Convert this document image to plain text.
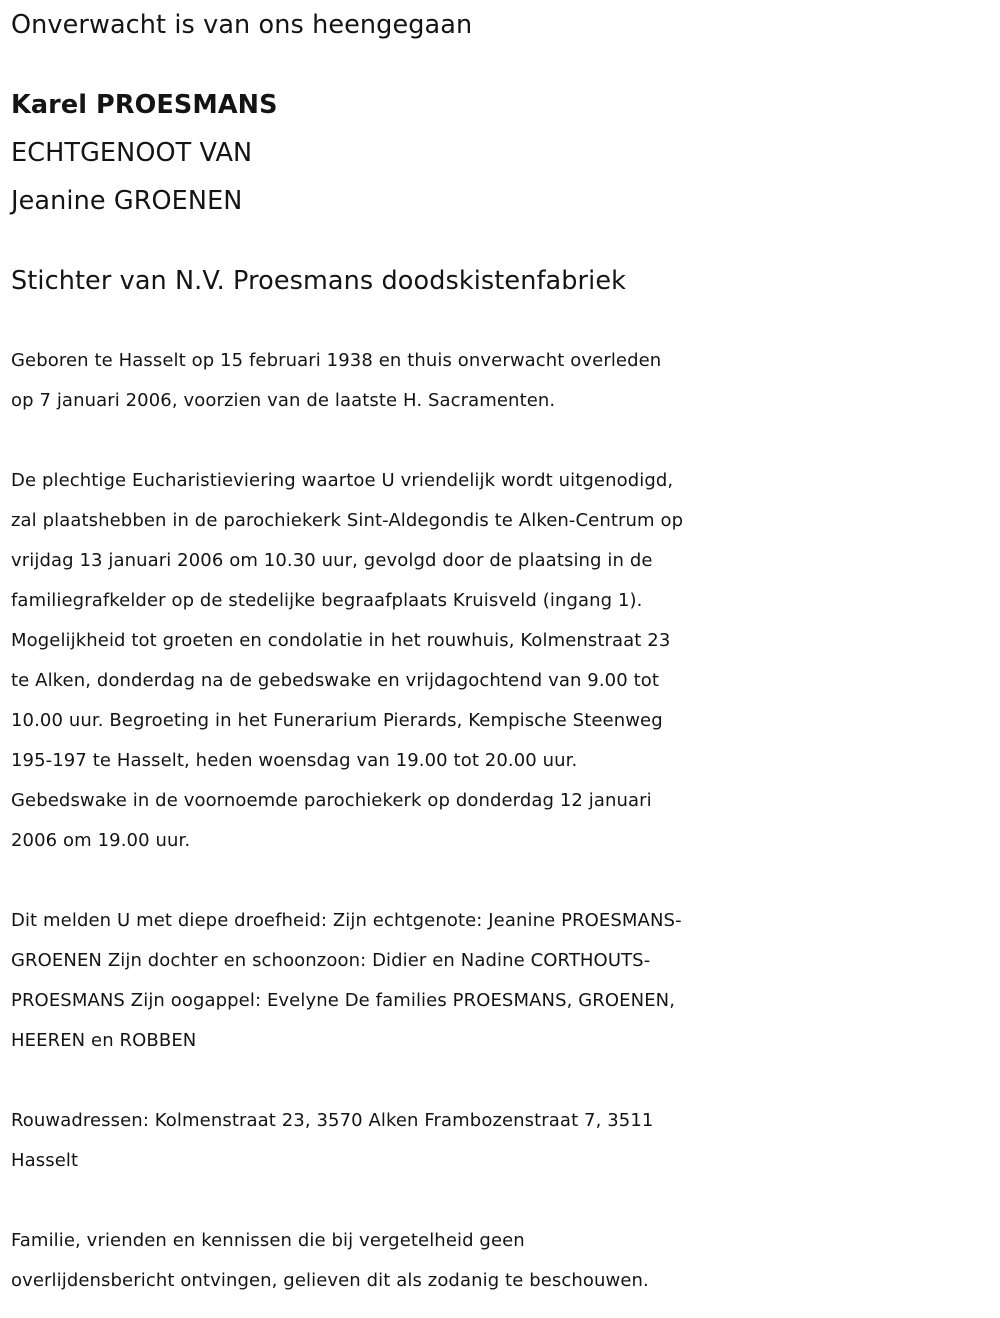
Onverwacht is van ons heengegaan
Karel PROESMANS
ECHTGENOOT VAN
Jeanine GROENEN
Stichter van N.V. Proesmans doodskistenfabriek
Geboren te Hasselt op 15 februari 1938 en thuis onverwacht overleden
op 7 januari 2006, voorzien van de laatste H. Sacramenten.
De plechtige Eucharistieviering waartoe U vriendelijk wordt uitgenodigd,
zal plaatshebben in de parochiekerk Sint-Aldegondis te Alken-Centrum op
vrijdag 13 januari 2006 om 10.30 uur, gevolgd door de plaatsing in de
familiegrafkelder op de stedelijke begraafplaats Kruisveld (ingang 1).
Mogelijkheid tot groeten en condolatie in het rouwhuis, Kolmenstraat 23
te Alken, donderdag na de gebedswake en vrijdagochtend van 9.00 tot
10.00 uur. Begroeting in het Funerarium Pierards, Kempische Steenweg
195-197 te Hasselt, heden woensdag van 19.00 tot 20.00 uur.
Gebedswake in de voornoemde parochiekerk op donderdag 12 januari
2006 om 19.00 uur.
Dit melden U met diepe droefheid: Zijn echtgenote: Jeanine PROESMANS-
GROENEN Zijn dochter en schoonzoon: Didier en Nadine CORTHOUTS-
PROESMANS Zijn oogappel: Evelyne De families PROESMANS, GROENEN,
HEEREN en ROBBEN
Rouwadressen: Kolmenstraat 23, 3570 Alken Frambozenstraat 7, 3511
Hasselt
Familie, vrienden en kennissen die bij vergetelheid geen
overlijdensbericht ontvingen, gelieven dit als zodanig te beschouwen.
